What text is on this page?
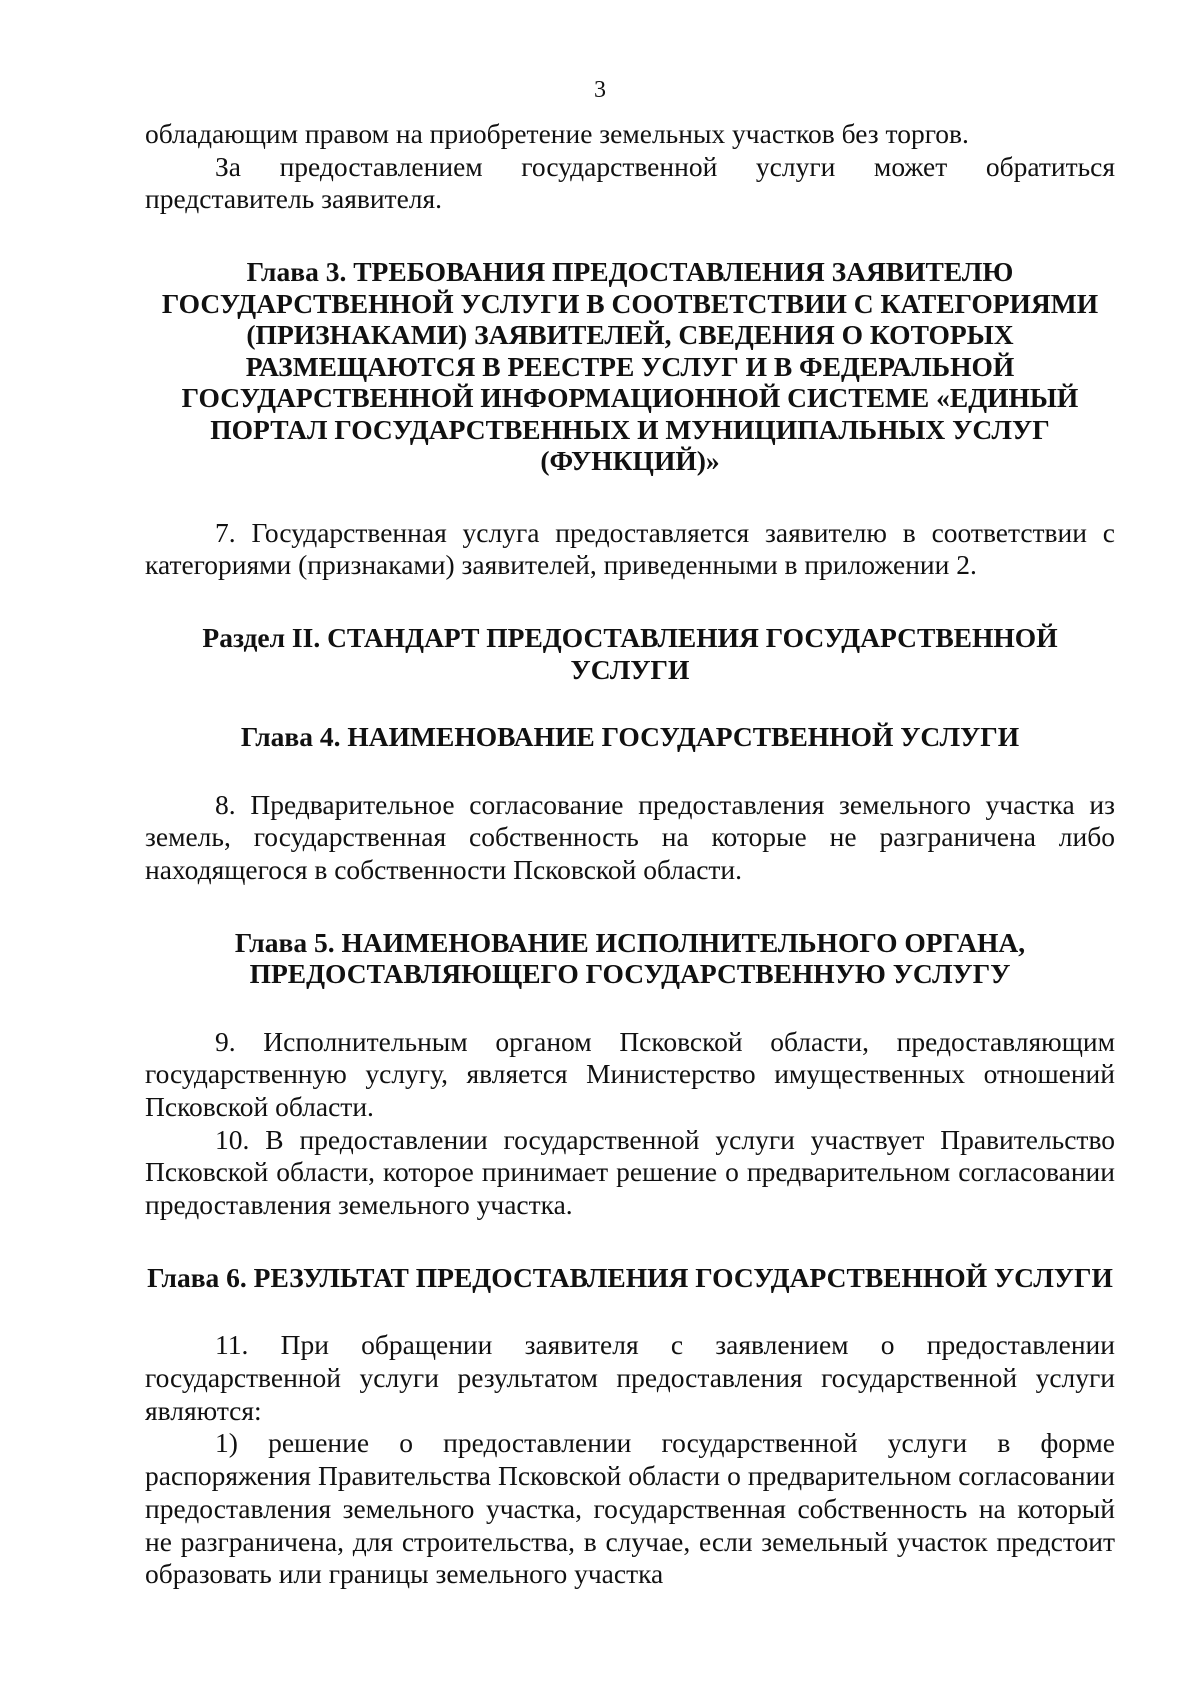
3

обладающим правом на приобретение земельных участков без торгов.

За предоставлением государственной услуги может обратиться представитель заявителя.

Глава 3. ТРЕБОВАНИЯ ПРЕДОСТАВЛЕНИЯ ЗАЯВИТЕЛЮ ГОСУДАРСТВЕННОЙ УСЛУГИ В СООТВЕТСТВИИ С КАТЕГОРИЯМИ (ПРИЗНАКАМИ) ЗАЯВИТЕЛЕЙ, СВЕДЕНИЯ О КОТОРЫХ РАЗМЕЩАЮТСЯ В РЕЕСТРЕ УСЛУГ И В ФЕДЕРАЛЬНОЙ ГОСУДАРСТВЕННОЙ ИНФОРМАЦИОННОЙ СИСТЕМЕ «ЕДИНЫЙ ПОРТАЛ ГОСУДАРСТВЕННЫХ И МУНИЦИПАЛЬНЫХ УСЛУГ (ФУНКЦИЙ)»

7. Государственная услуга предоставляется заявителю в соответствии с категориями (признаками) заявителей, приведенными в приложении 2.

Раздел II. СТАНДАРТ ПРЕДОСТАВЛЕНИЯ ГОСУДАРСТВЕННОЙ УСЛУГИ
Глава 4. НАИМЕНОВАНИЕ ГОСУДАРСТВЕННОЙ УСЛУГИ

8. Предварительное согласование предоставления земельного участка из земель, государственная собственность на которые не разграничена либо находящегося в собственности Псковской области.

Глава 5. НАИМЕНОВАНИЕ ИСПОЛНИТЕЛЬНОГО ОРГАНА, ПРЕДОСТАВЛЯЮЩЕГО ГОСУДАРСТВЕННУЮ УСЛУГУ

9. Исполнительным органом Псковской области, предоставляющим государственную услугу, является Министерство имущественных отношений Псковской области.

10. В предоставлении государственной услуги участвует Правительство Псковской области, которое принимает решение о предварительном согласовании предоставления земельного участка.

Глава 6. РЕЗУЛЬТАТ ПРЕДОСТАВЛЕНИЯ ГОСУДАРСТВЕННОЙ УСЛУГИ

11. При обращении заявителя с заявлением о предоставлении государственной услуги результатом предоставления государственной услуги являются:

1) решение о предоставлении государственной услуги в форме распоряжения Правительства Псковской области о предварительном согласовании предоставления земельного участка, государственная собственность на который не разграничена, для строительства, в случае, если земельный участок предстоит образовать или границы земельного участка
